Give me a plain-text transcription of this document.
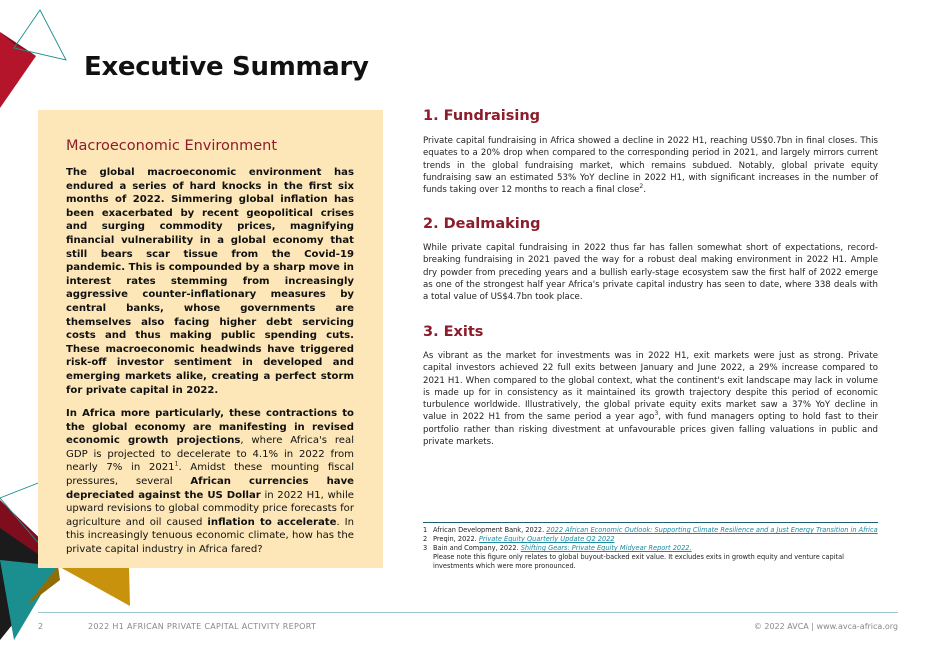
Executive Summary
Macroeconomic Environment

The global macroeconomic environment has endured a series of hard knocks in the first six months of 2022. Simmering global inflation has been exacerbated by recent geopolitical crises and surging commodity prices, magnifying financial vulnerability in a global economy that still bears scar tissue from the Covid-19 pandemic. This is compounded by a sharp move in interest rates stemming from increasingly aggressive counter-inflationary measures by central banks, whose governments are themselves also facing higher debt servicing costs and thus making public spending cuts. These macroeconomic headwinds have triggered risk-off investor sentiment in developed and emerging markets alike, creating a perfect storm for private capital in 2022.

In Africa more particularly, these contractions to the global economy are manifesting in revised economic growth projections, where Africa's real GDP is projected to decelerate to 4.1% in 2022 from nearly 7% in 2021$^1$. Amidst these mounting fiscal pressures, several African currencies have depreciated against the US Dollar in 2022 H1, while upward revisions to global commodity price forecasts for agriculture and oil caused inflation to accelerate. In this increasingly tenuous economic climate, how has the private capital industry in Africa fared?

1. Fundraising
Private capital fundraising in Africa showed a decline in 2022 H1, reaching US$0.7bn in final closes. This equates to a 20% drop when compared to the corresponding period in 2021, and largely mirrors current trends in the global fundraising market, which remains subdued. Notably, global private equity fundraising saw an estimated 53% YoY decline in 2022 H1, with significant increases in the number of funds taking over 12 months to reach a final close$^2$.
2. Dealmaking
While private capital fundraising in 2022 thus far has fallen somewhat short of expectations, record-breaking fundraising in 2021 paved the way for a robust deal making environment in 2022 H1. Ample dry powder from preceding years and a bullish early-stage ecosystem saw the first half of 2022 emerge as one of the strongest half year Africa's private capital industry has seen to date, where 338 deals with a total value of US$4.7bn took place.
3. Exits
As vibrant as the market for investments was in 2022 H1, exit markets were just as strong. Private capital investors achieved 22 full exits between January and June 2022, a 29% increase compared to 2021 H1. When compared to the global context, what the continent's exit landscape may lack in volume is made up for in consistency as it maintained its growth trajectory despite this period of economic turbulence worldwide. Illustratively, the global private equity exits market saw a 37% YoY decline in value in 2022 H1 from the same period a year ago$^3$, with fund managers opting to hold fast to their portfolio rather than risking divestment at unfavourable prices given falling valuations in public and private markets.
1 African Development Bank, 2022. 2022 African Economic Outlook: Supporting Climate Resilience and a Just Energy Transition in Africa
2 Preqin, 2022. Private Equity Quarterly Update Q2 2022
3 Bain and Company, 2022. Shifting Gears: Private Equity Midyear Report 2022.
Please note this figure only relates to global buyout-backed exit value. It excludes exits in growth equity and venture capital investments which were more pronounced.
2	2022 H1 AFRICAN PRIVATE CAPITAL ACTIVITY REPORT	© 2022 AVCA | www.avca-africa.org
